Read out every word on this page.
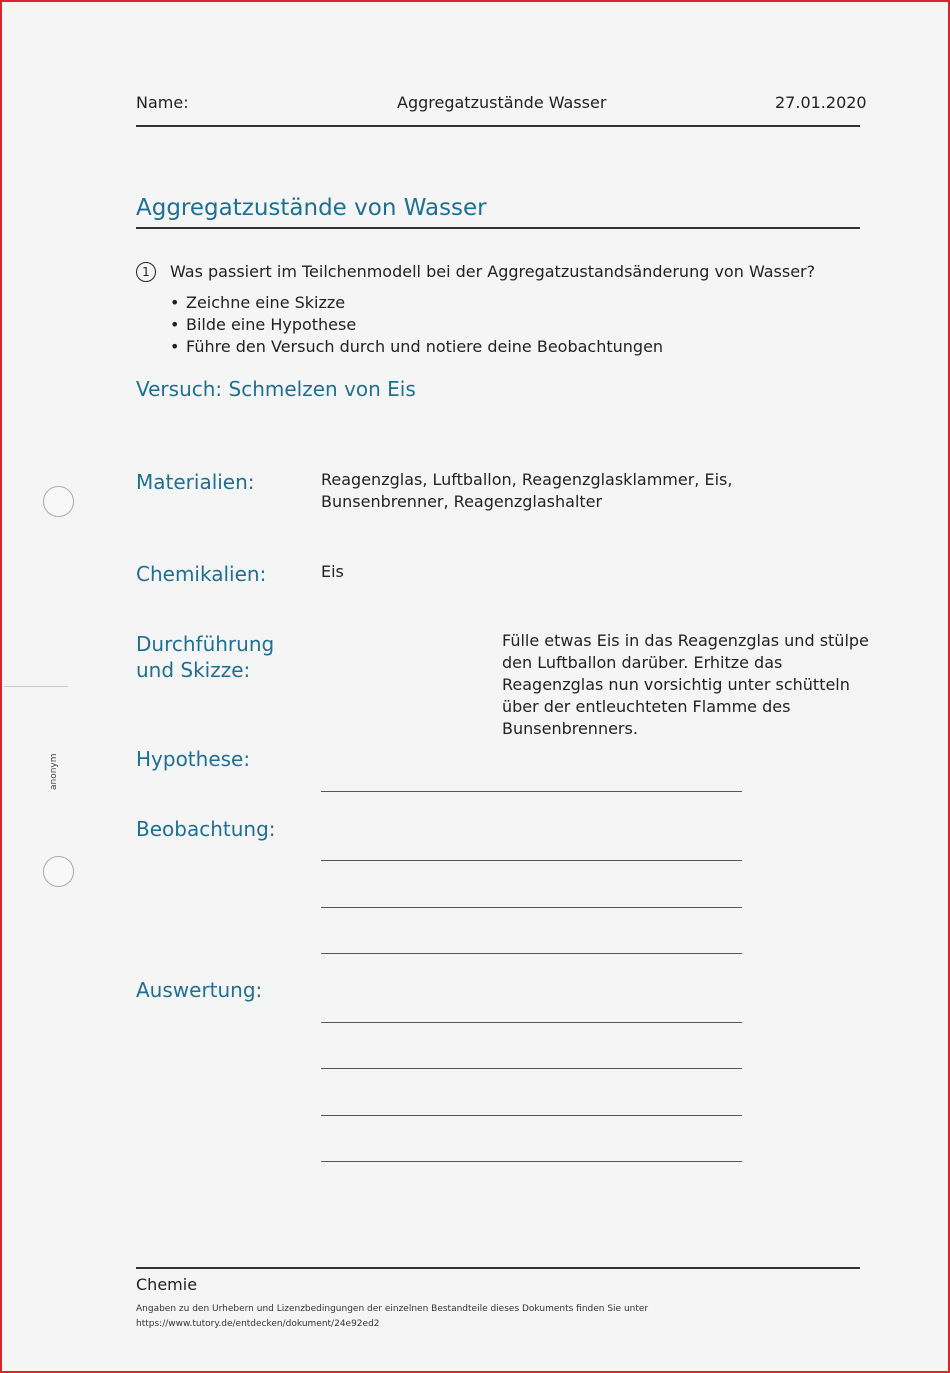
Name:	Aggregatzustände Wasser	27.01.2020
Aggregatzustände von Wasser
1	Was passiert im Teilchenmodell bei der Aggregatzustandsänderung von Wasser?
• Zeichne eine Skizze
• Bilde eine Hypothese
• Führe den Versuch durch und notiere deine Beobachtungen
Versuch: Schmelzen von Eis
Materialien:	Reagenzglas, Luftballon, Reagenzglasklammer, Eis,
Bunsenbrenner, Reagenzglashalter
Chemikalien:	Eis
Durchführung
und Skizze:
Fülle etwas Eis in das Reagenzglas und stülpe
den Luftballon darüber. Erhitze das
Reagenzglas nun vorsichtig unter schütteln
über der entleuchteten Flamme des
Bunsenbrenners.
Hypothese:
Beobachtung:
Auswertung:
anonym
Chemie
Angaben zu den Urhebern und Lizenzbedingungen der einzelnen Bestandteile dieses Dokuments finden Sie unter
https://www.tutory.de/entdecken/dokument/24e92ed2
